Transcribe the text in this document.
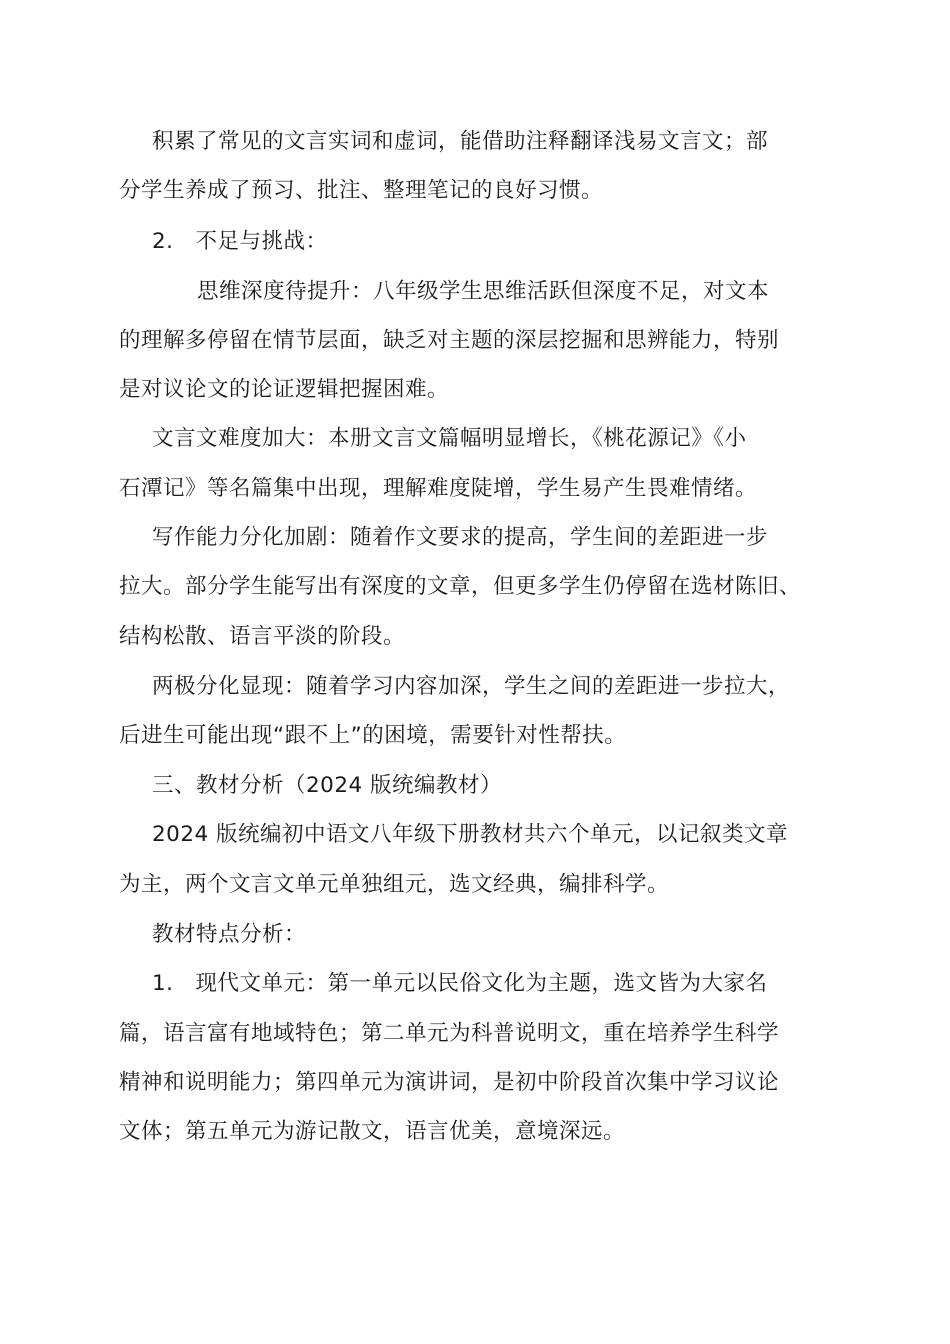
积累了常见的文言实词和虚词，能借助注释翻译浅易文言文；部
分学生养成了预习、批注、整理笔记的良好习惯。
2.   不足与挑战：
思维深度待提升：八年级学生思维活跃但深度不足，对文本
的理解多停留在情节层面，缺乏对主题的深层挖掘和思辨能力，特别
是对议论文的论证逻辑把握困难。
文言文难度加大：本册文言文篇幅明显增长，《桃花源记》《小
石潭记》等名篇集中出现，理解难度陡增，学生易产生畏难情绪。
写作能力分化加剧：随着作文要求的提高，学生间的差距进一步
拉大。部分学生能写出有深度的文章，但更多学生仍停留在选材陈旧、
结构松散、语言平淡的阶段。
两极分化显现：随着学习内容加深，学生之间的差距进一步拉大，
后进生可能出现“跟不上”的困境，需要针对性帮扶。
三、教材分析（2024 版统编教材）
2024 版统编初中语文八年级下册教材共六个单元，以记叙类文章
为主，两个文言文单元单独组元，选文经典，编排科学。
教材特点分析：
1.   现代文单元：第一单元以民俗文化为主题，选文皆为大家名
篇，语言富有地域特色；第二单元为科普说明文，重在培养学生科学
精神和说明能力；第四单元为演讲词，是初中阶段首次集中学习议论
文体；第五单元为游记散文，语言优美，意境深远。
